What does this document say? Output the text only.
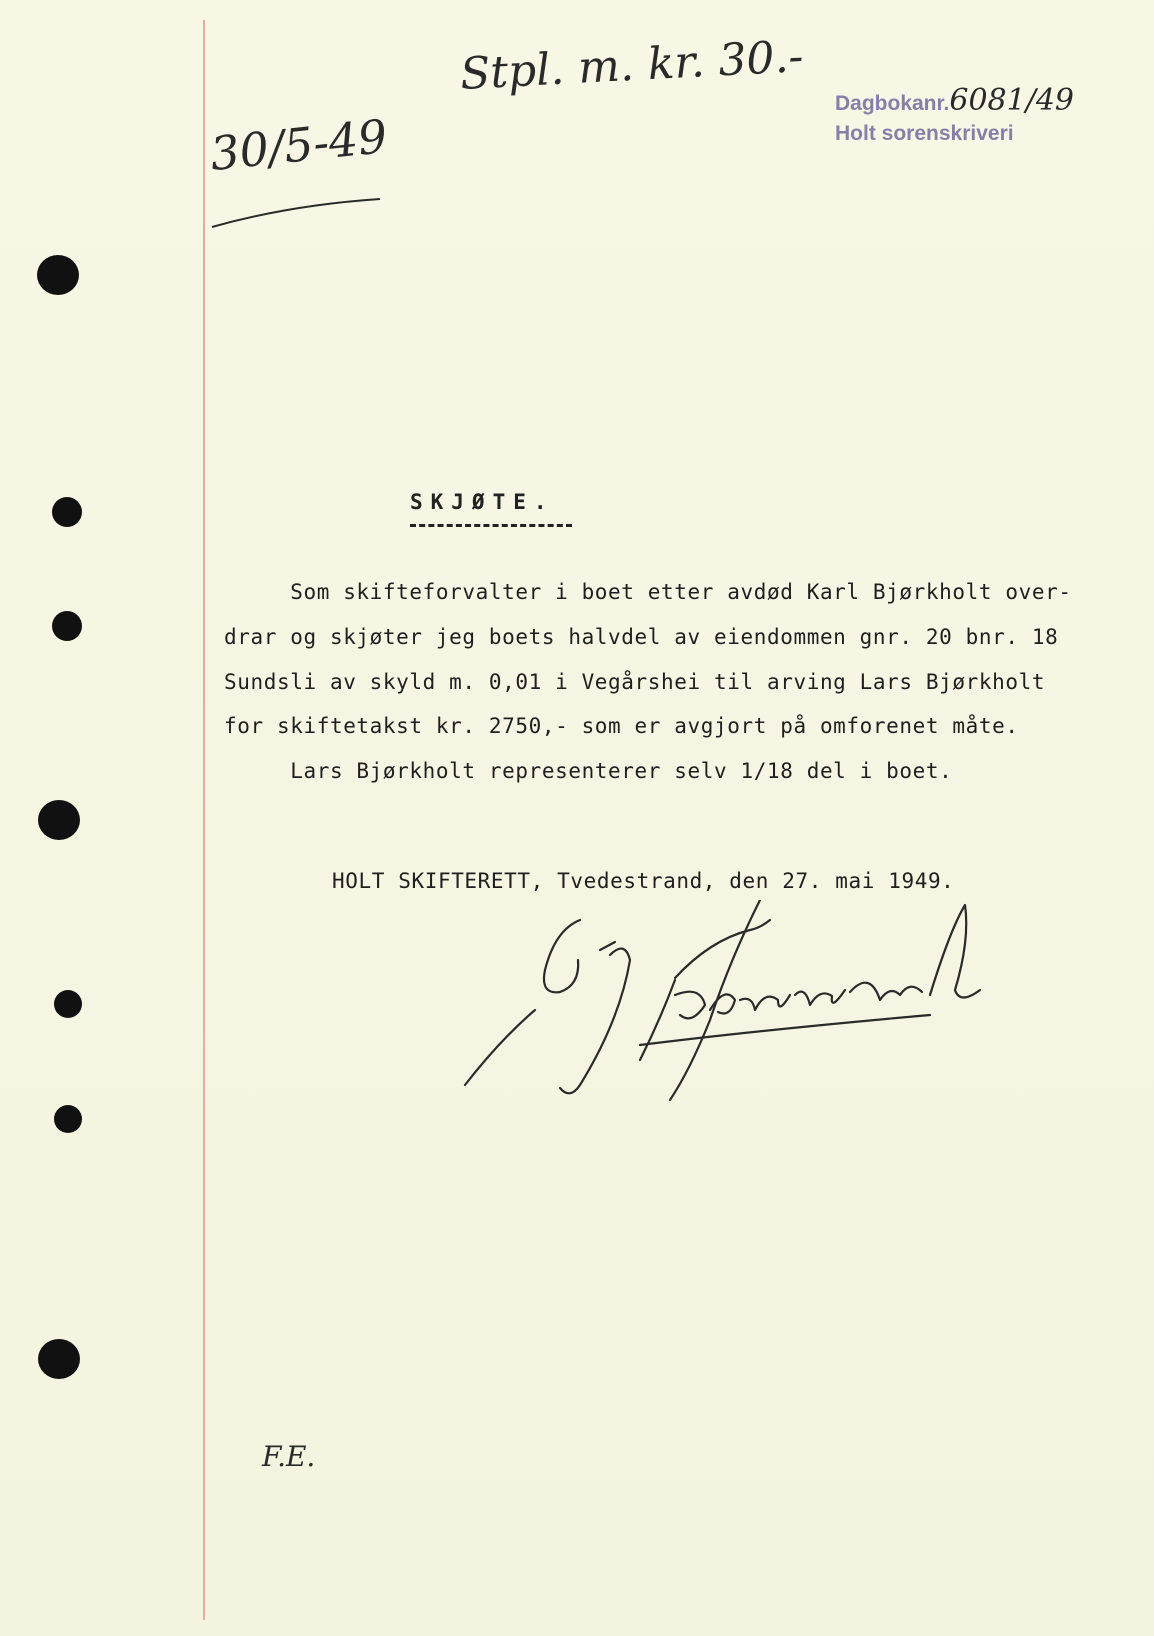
30/5-49
Stpl. m. kr. 30.-
Dagbokanr.6081/49
Holt sorenskriveri
SKJØTE.
Som skifteforvalter i boet etter avdød Karl Bjørkholt over-
drar og skjøter jeg boets halvdel av eiendommen gnr. 20 bnr. 18
Sundsli av skyld m. 0,01 i Vegårshei til arving Lars Bjørkholt
for skiftetakst kr. 2750,- som er avgjort på omforenet måte.
Lars Bjørkholt representerer selv 1/18 del i boet.
HOLT SKIFTERETT, Tvedestrand, den 27. mai 1949.
F.E.
